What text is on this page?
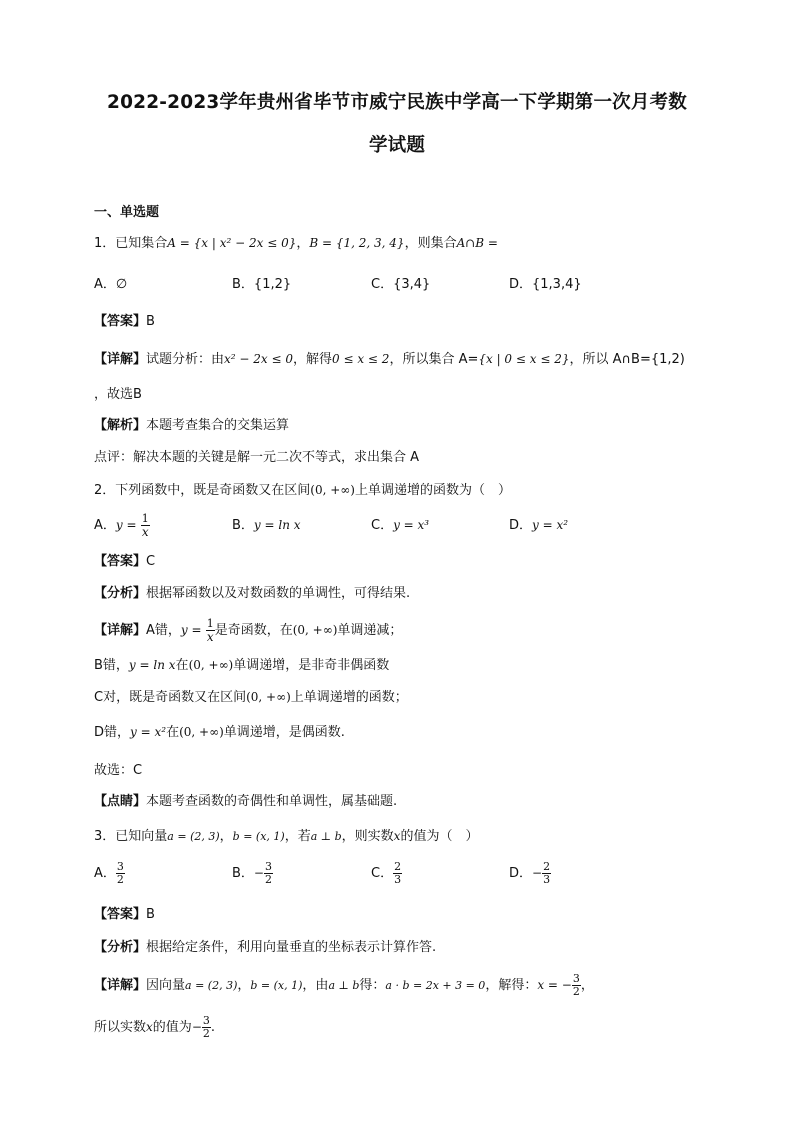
2022-2023学年贵州省毕节市威宁民族中学高一下学期第一次月考数
学试题
一、单选题
1．已知集合A = {x | x² − 2x ≤ 0}，B = {1, 2, 3, 4}，则集合A∩B =
A．∅	B．{1,2}	C．{3,4}	D．{1,3,4}
【答案】B
【详解】试题分析：由x² − 2x ≤ 0，解得0 ≤ x ≤ 2，所以集合 A={x | 0 ≤ x ≤ 2}，所以 A∩B={1,2)
，故选B
【解析】本题考查集合的交集运算
点评：解决本题的关键是解一元二次不等式，求出集合 A
2．下列函数中，既是奇函数又在区间(0, +∞)上单调递增的函数为（　）
A．$y = \frac{1}{x}$	B．y = ln x	C．y = x³	D．y = x²
【答案】C
【分析】根据幂函数以及对数函数的单调性，可得结果.
【详解】A错，$y = \frac{1}{x}$ 是奇函数，在(0, +∞)单调递减；
B错，y = ln x在(0, +∞)单调递增，是非奇非偶函数
C对，既是奇函数又在区间(0, +∞)上单调递增的函数；
D错，y = x²在(0, +∞)单调递增，是偶函数.
故选：C
【点睛】本题考查函数的奇偶性和单调性，属基础题.
3．已知向量a = (2, 3)，b = (x, 1)，若a ⊥ b，则实数x的值为（　）
A． $\frac{3}{2}$	B．− $\frac{3}{2}$	C． $\frac{2}{3}$	D．− $\frac{2}{3}$
【答案】B
【分析】根据给定条件，利用向量垂直的坐标表示计算作答.
【详解】因向量a = (2, 3)，b = (x, 1)，由a ⊥ b得：a · b = 2x + 3 = 0，解得：x = − $\frac{3}{2}$ ，
所以实数x的值为− $\frac{3}{2}$ .
